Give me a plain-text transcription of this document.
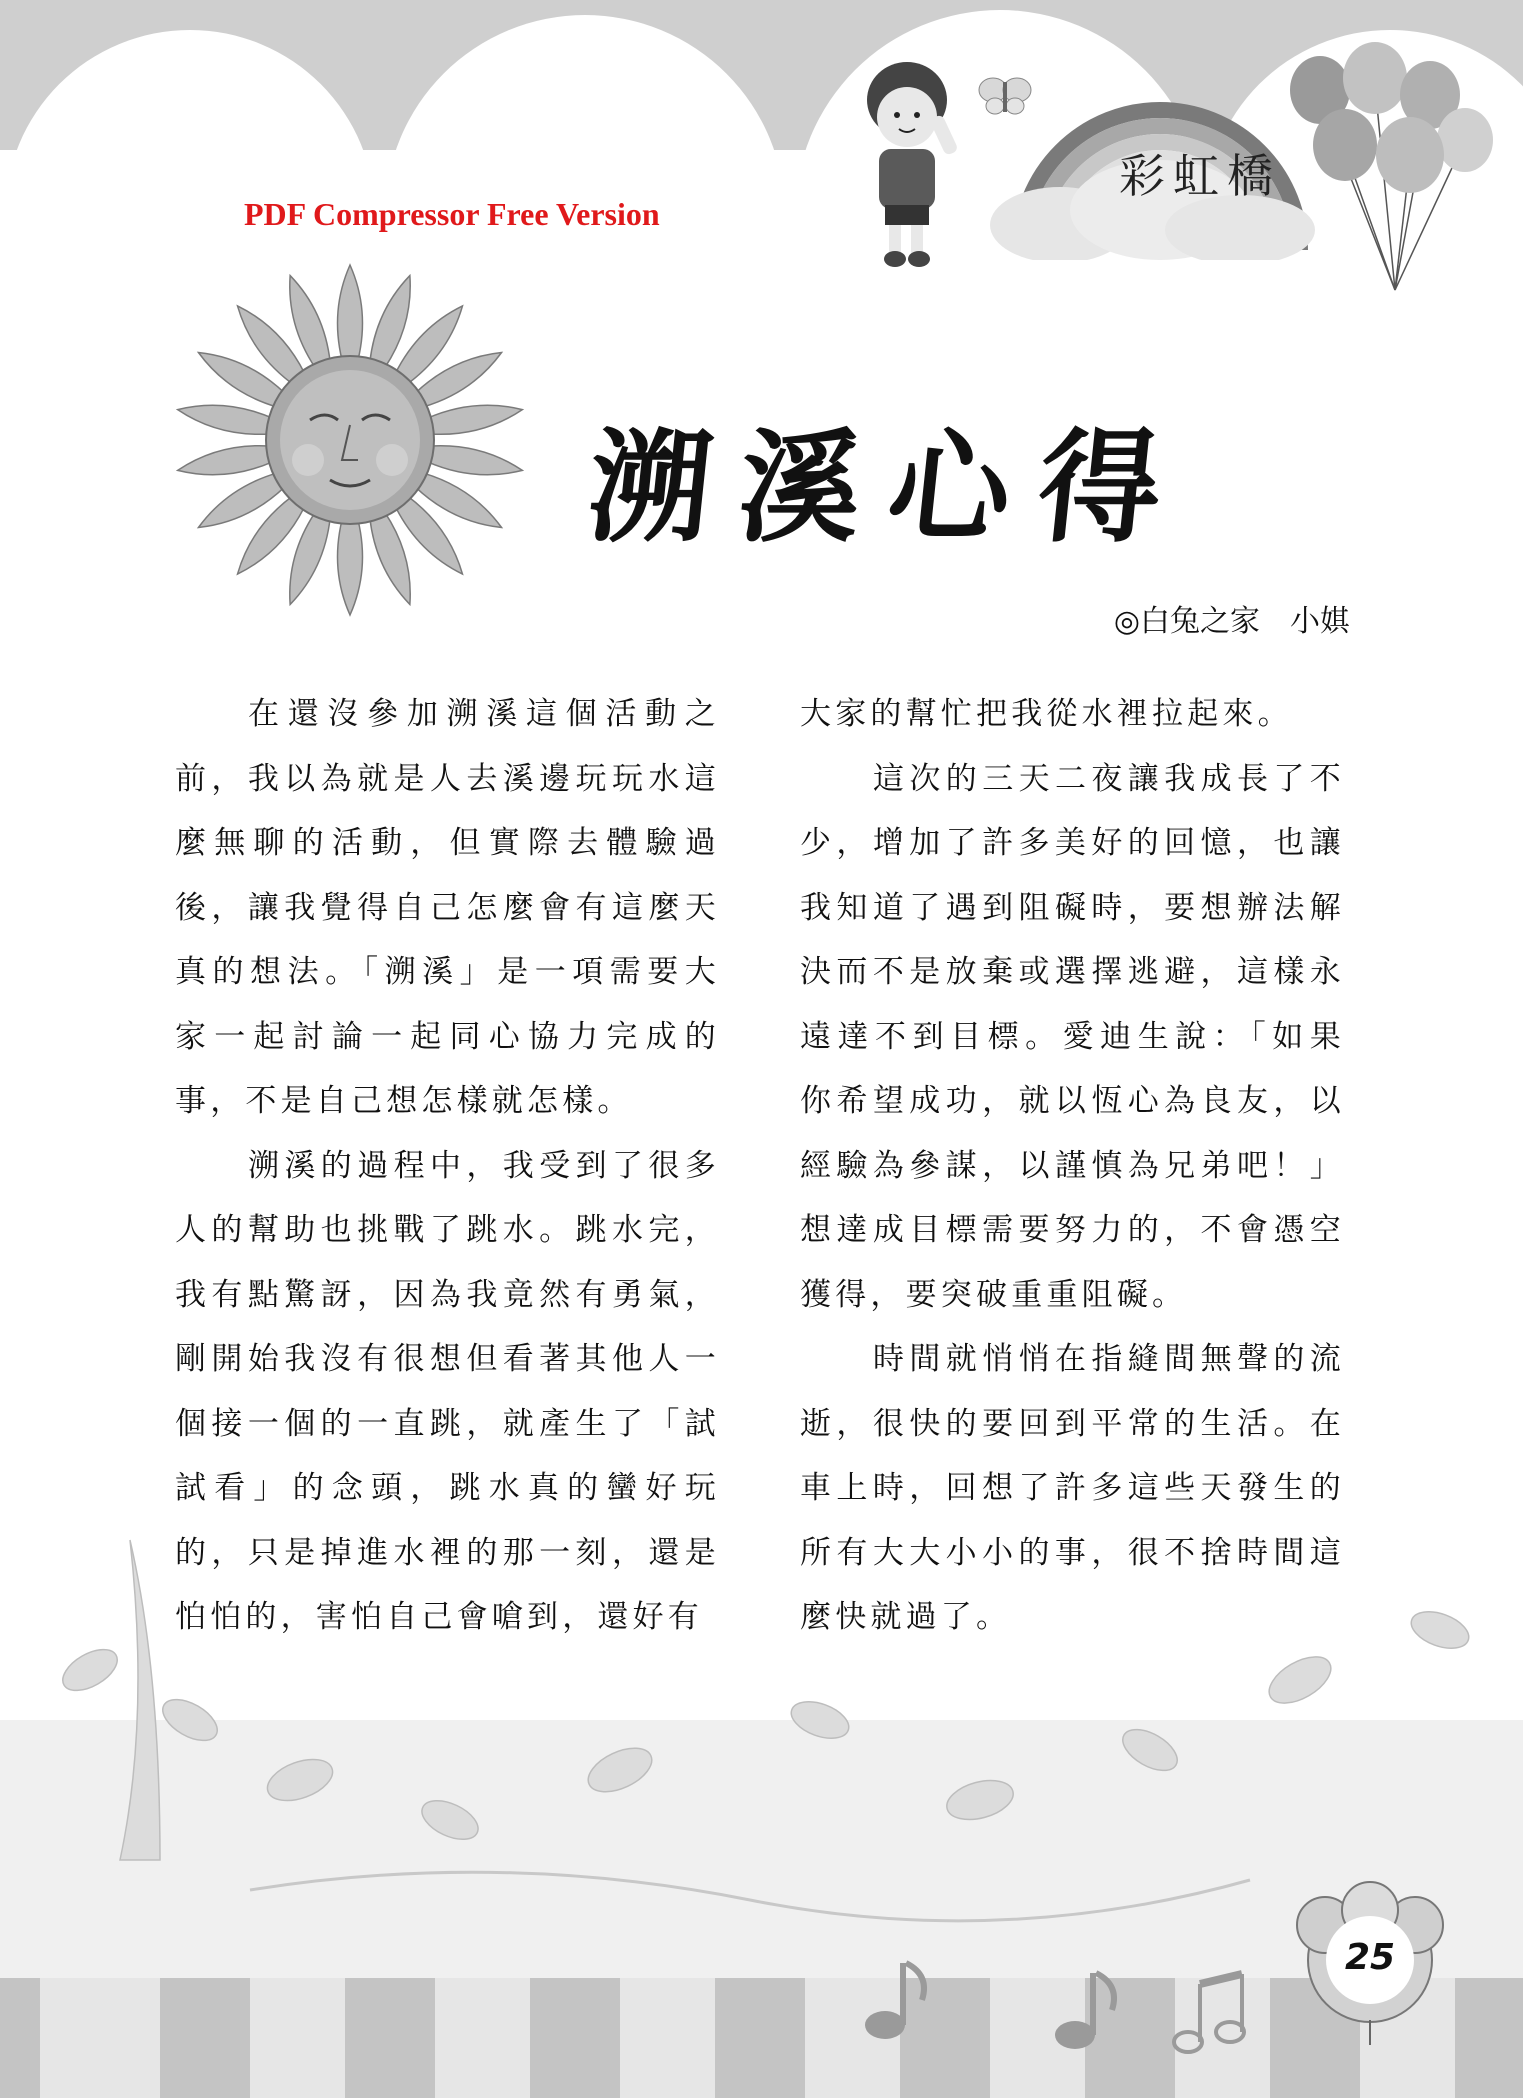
彩虹橋
PDF Compressor Free Version
溯溪心得
◎白兔之家　小娸

在還沒參加溯溪這個活動之前，我以為就是人去溪邊玩玩水這麼無聊的活動，但實際去體驗過後，讓我覺得自己怎麼會有這麼天真的想法。「溯溪」是一項需要大家一起討論一起同心協力完成的事，不是自己想怎樣就怎樣。

溯溪的過程中，我受到了很多人的幫助也挑戰了跳水。跳水完，我有點驚訝，因為我竟然有勇氣，剛開始我沒有很想但看著其他人一個接一個的一直跳，就產生了「試試看」的念頭，跳水真的蠻好玩的，只是掉進水裡的那一刻，還是怕怕的，害怕自己會嗆到，還好有

大家的幫忙把我從水裡拉起來。

這次的三天二夜讓我成長了不少，增加了許多美好的回憶，也讓我知道了遇到阻礙時，要想辦法解決而不是放棄或選擇逃避，這樣永遠達不到目標。愛迪生說：「如果你希望成功，就以恆心為良友，以經驗為參謀，以謹慎為兄弟吧！」想達成目標需要努力的，不會憑空獲得，要突破重重阻礙。

時間就悄悄在指縫間無聲的流逝，很快的要回到平常的生活。在車上時，回想了許多這些天發生的所有大大小小的事，很不捨時間這麼快就過了。

25
